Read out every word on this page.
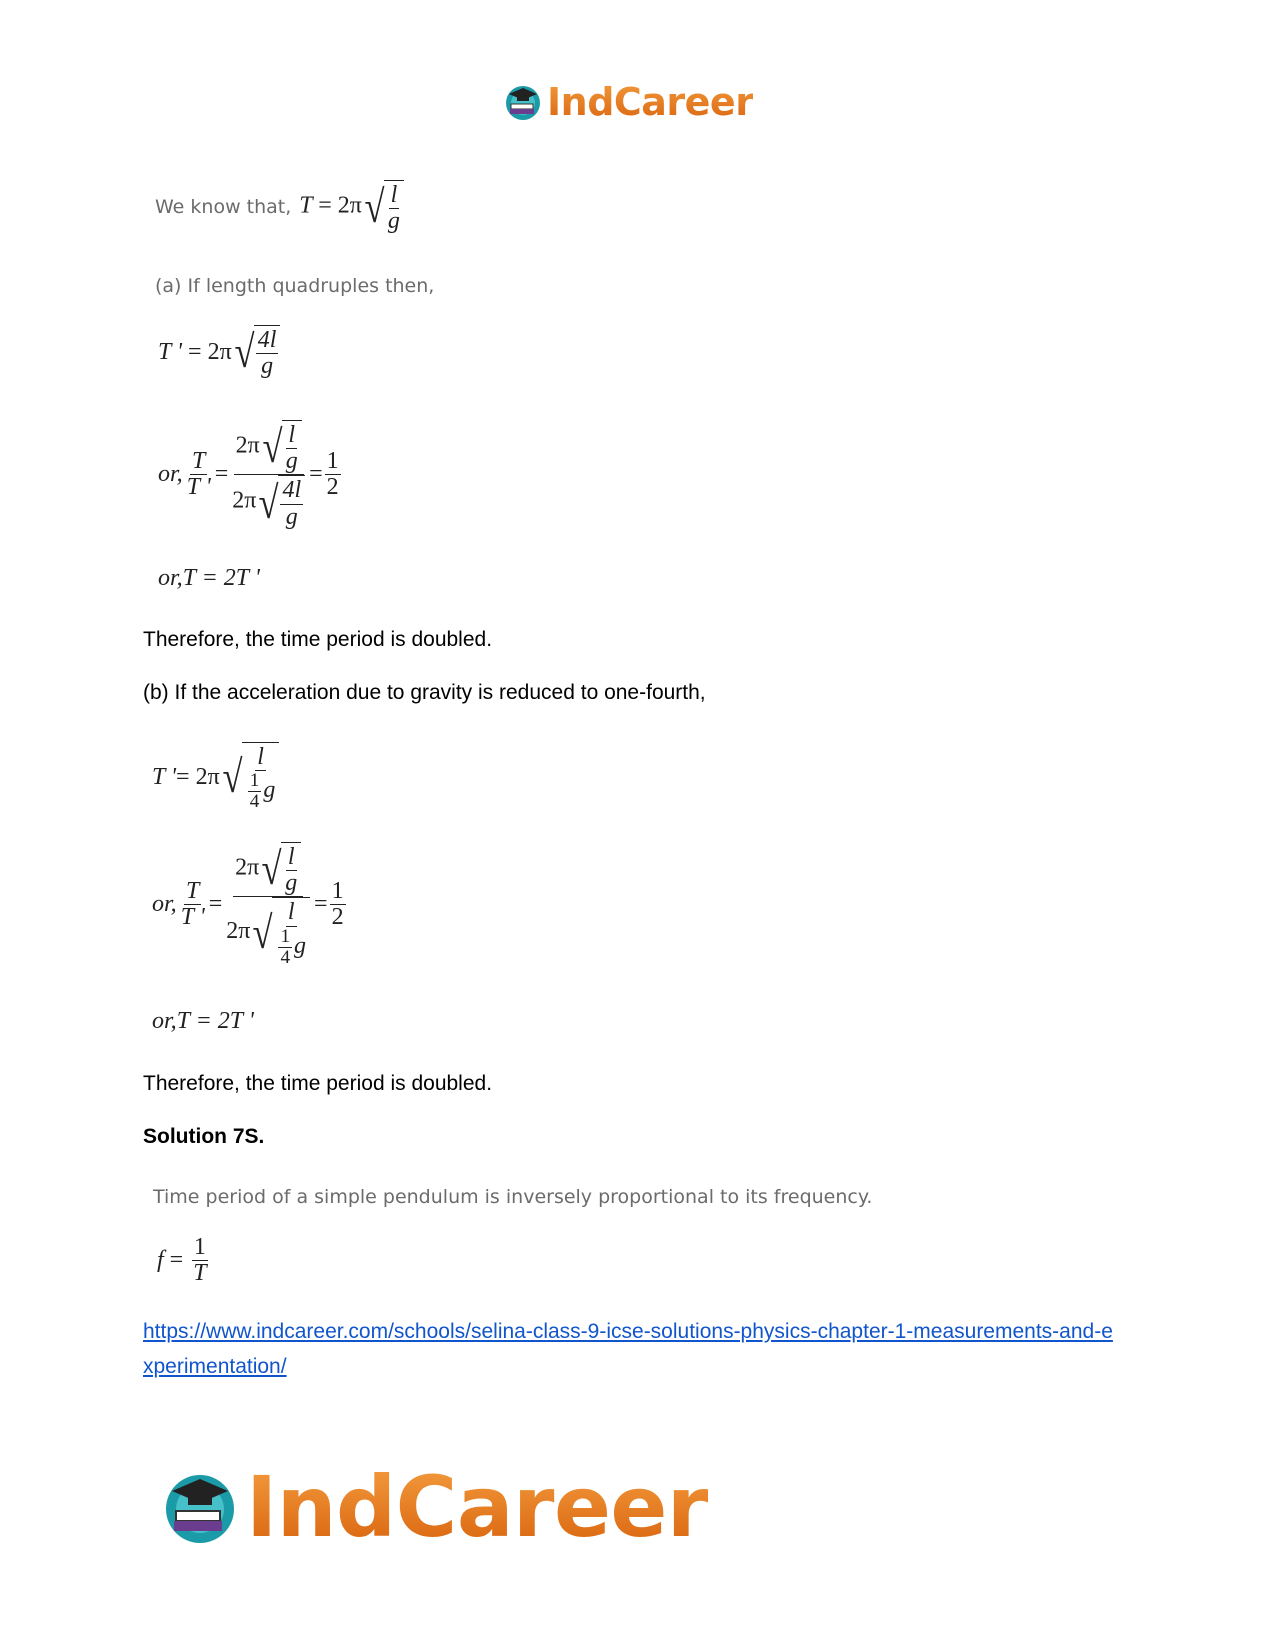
IndCareer
We know that, T = 2π √ $\frac{l}{g}$
(a) If length quadruples then,
T '
=
2π √ $\frac{4l}{g}$
or, $\frac{T}{T '} = \frac{2\pi √ \frac{l}{g}}{2\pi √ \frac{4l}{g}} = \frac{1}{2}$
or,T = 2T '
Therefore, the time period is doubled.
(b) If the acceleration due to gravity is reduced to one-fourth,
T ' =
2π √ $\frac{l}{\frac{1}{4} g}$
or, $\frac{T}{T '} = \frac{2\pi √ \frac{l}{g}}{2\pi √ \frac{l}{\frac{1}{4} g}} = \frac{1}{2}$
or,T = 2T '
Therefore, the time period is doubled.
Solution 7S.
Time period of a simple pendulum is inversely proportional to its frequency.
f
=
$\frac{1}{T}$
https://www.indcareer.com/schools/selina-class-9-icse-solutions-physics-chapter-1-measurements-and-experimentation/
IndCareer
